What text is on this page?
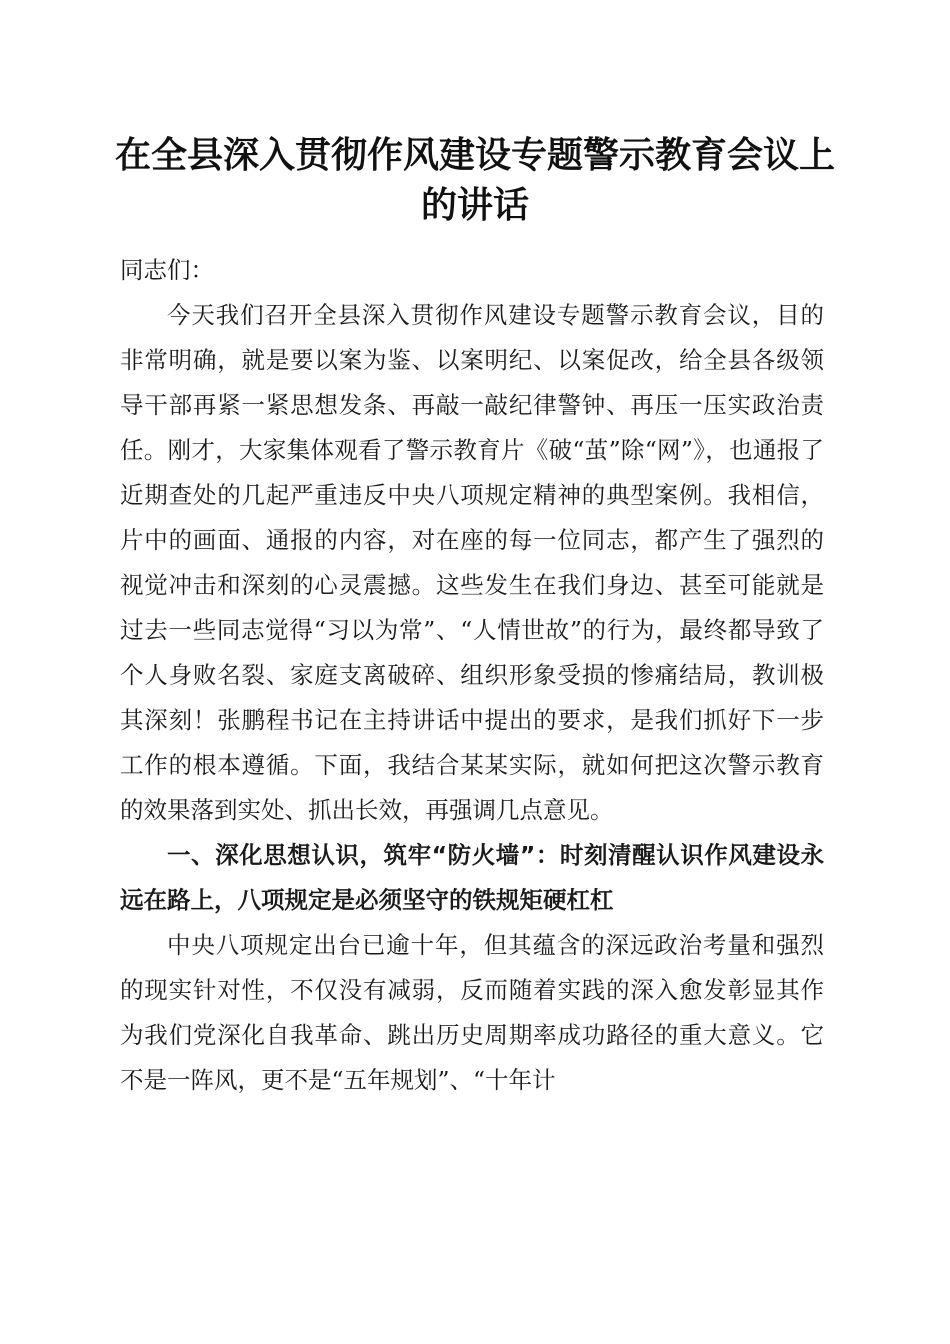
在全县深入贯彻作风建设专题警示教育会议上的讲话

同志们：

今天我们召开全县深入贯彻作风建设专题警示教育会议，目的非常明确，就是要以案为鉴、以案明纪、以案促改，给全县各级领导干部再紧一紧思想发条、再敲一敲纪律警钟、再压一压实政治责任。刚才，大家集体观看了警示教育片《破“茧”除“网”》，也通报了近期查处的几起严重违反中央八项规定精神的典型案例。我相信，片中的画面、通报的内容，对在座的每一位同志，都产生了强烈的视觉冲击和深刻的心灵震撼。这些发生在我们身边、甚至可能就是过去一些同志觉得“习以为常”、“人情世故”的行为，最终都导致了个人身败名裂、家庭支离破碎、组织形象受损的惨痛结局，教训极其深刻！张鹏程书记在主持讲话中提出的要求，是我们抓好下一步工作的根本遵循。下面，我结合某某实际，就如何把这次警示教育的效果落到实处、抓出长效，再强调几点意见。

一、深化思想认识，筑牢“防火墙”：时刻清醒认识作风建设永远在路上，八项规定是必须坚守的铁规矩硬杠杠

中央八项规定出台已逾十年，但其蕴含的深远政治考量和强烈的现实针对性，不仅没有减弱，反而随着实践的深入愈发彰显其作为我们党深化自我革命、跳出历史周期率成功路径的重大意义。它不是一阵风，更不是“五年规划”、“十年计
